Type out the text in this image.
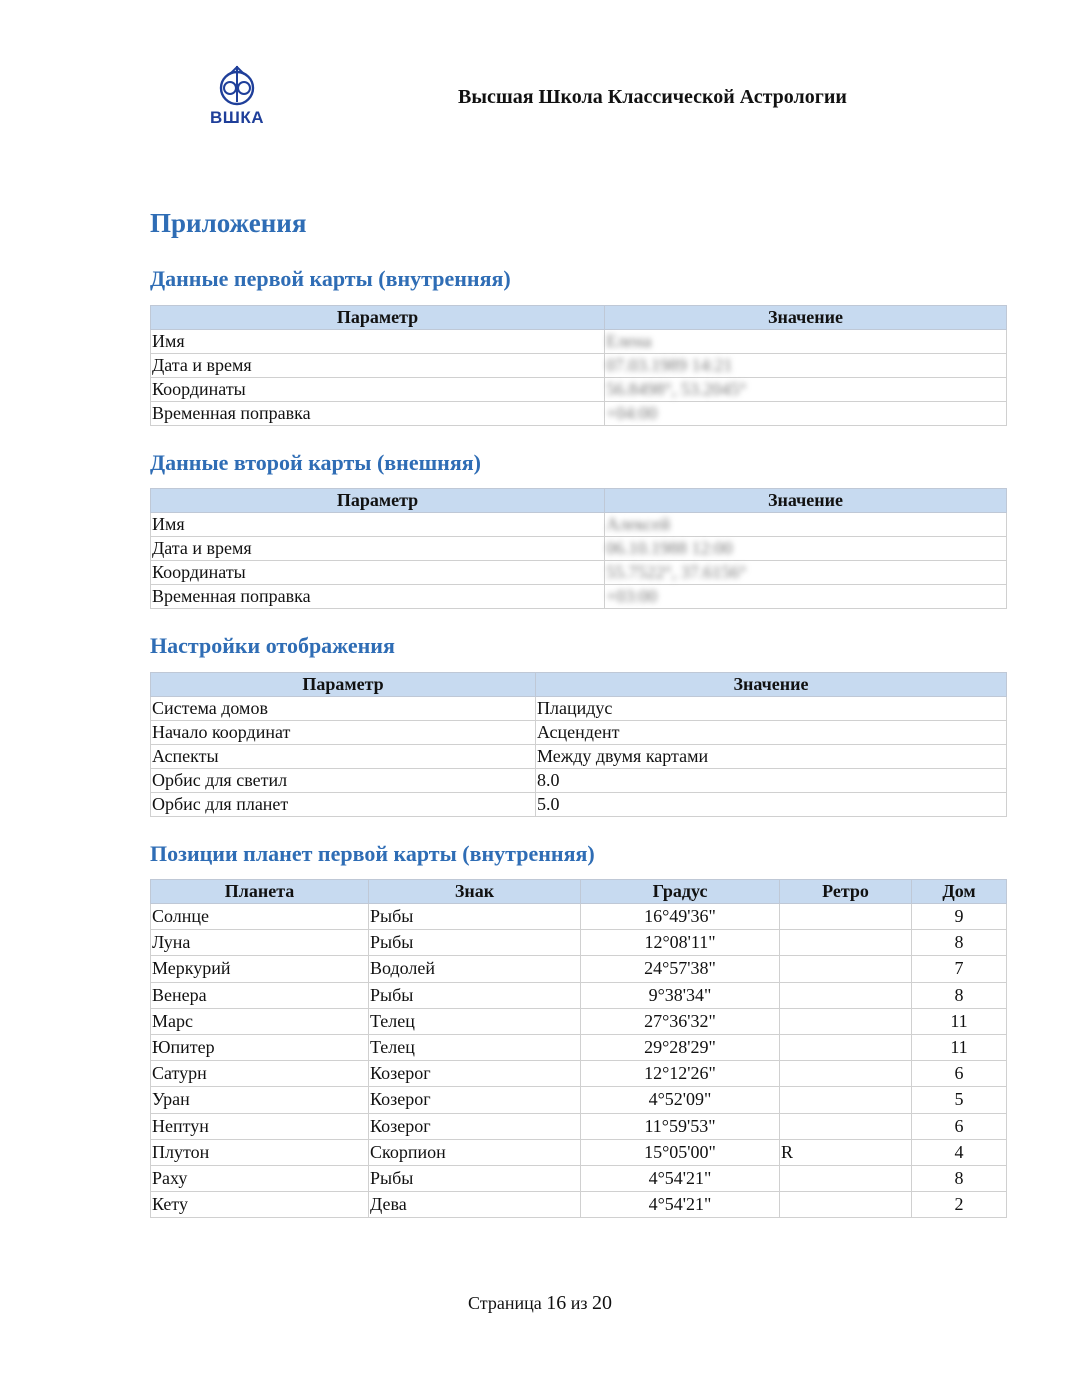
ВШКА
Высшая Школа Классической Астрологии
Приложения
Данные первой карты (внутренняя)
Параметр	Значение
Имя	Елена
Дата и время	07.03.1989 14:21
Координаты	56.8498°, 53.2045°
Временная поправка	+04:00
Данные второй карты (внешняя)
Параметр	Значение
Имя	Алексей
Дата и время	06.10.1988 12:00
Координаты	55.7522°, 37.6156°
Временная поправка	+03:00
Настройки отображения
Параметр	Значение
Система домов	Плацидус
Начало координат	Асцендент
Аспекты	Между двумя картами
Орбис для светил	8.0
Орбис для планет	5.0
Позиции планет первой карты (внутренняя)
Планета	Знак	Градус	Ретро	Дом
Солнце	Рыбы	16°49'36"		9
Луна	Рыбы	12°08'11"		8
Меркурий	Водолей	24°57'38"		7
Венера	Рыбы	9°38'34"		8
Марс	Телец	27°36'32"		11
Юпитер	Телец	29°28'29"		11
Сатурн	Козерог	12°12'26"		6
Уран	Козерог	4°52'09"		5
Нептун	Козерог	11°59'53"		6
Плутон	Скорпион	15°05'00"	R	4
Раху	Рыбы	4°54'21"		8
Кету	Дева	4°54'21"		2
Страница 16 из 20
